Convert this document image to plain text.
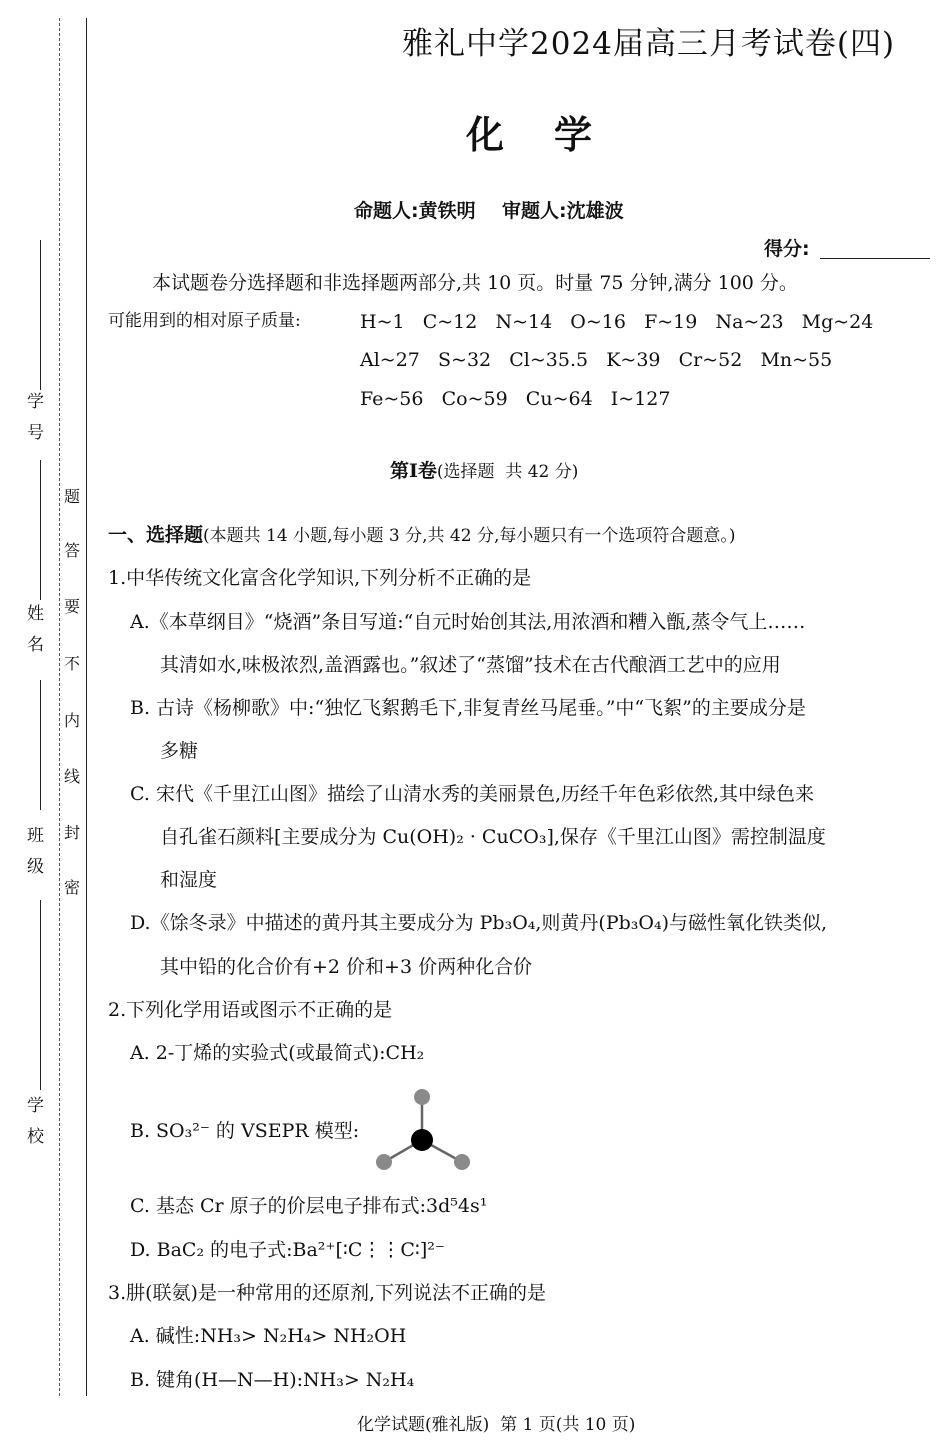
学号
姓名
班级
学校
题
答
要
不
内
线
封
密
雅礼中学2024届高三月考试卷(四)
化学
命题人:黄铁明    审题人:沈雄波
得分:
本试题卷分选择题和非选择题两部分,共 10 页。时量 75 分钟,满分 100 分。
可能用到的相对原子质量:	H~1   C~12   N~14   O~16   F~19   Na~23   Mg~24
Al~27   S~32   Cl~35.5   K~39   Cr~52   Mn~55
Fe~56   Co~59   Cu~64   I~127
第Ⅰ卷(选择题  共 42 分)
一、选择题(本题共 14 小题,每小题 3 分,共 42 分,每小题只有一个选项符合题意。)
1.中华传统文化富含化学知识,下列分析不正确的是
A.《本草纲目》“烧酒”条目写道:“自元时始创其法,用浓酒和糟入甑,蒸令气上……
其清如水,味极浓烈,盖酒露也。”叙述了“蒸馏”技术在古代酿酒工艺中的应用
B. 古诗《杨柳歌》中:“独忆飞絮鹅毛下,非复青丝马尾垂。”中“飞絮”的主要成分是
多糖
C. 宋代《千里江山图》描绘了山清水秀的美丽景色,历经千年色彩依然,其中绿色来
自孔雀石颜料[主要成分为 Cu(OH)₂ · CuCO₃],保存《千里江山图》需控制温度
和湿度
D.《馀冬录》中描述的黄丹其主要成分为 Pb₃O₄,则黄丹(Pb₃O₄)与磁性氧化铁类似,
其中铅的化合价有+2 价和+3 价两种化合价
2.下列化学用语或图示不正确的是
A. 2-丁烯的实验式(或最简式):CH₂
B. SO₃²⁻ 的 VSEPR 模型:
C. 基态 Cr 原子的价层电子排布式:3d⁵4s¹
D. BaC₂ 的电子式:Ba²⁺[∶C⋮⋮C∶]²⁻
3.肼(联氨)是一种常用的还原剂,下列说法不正确的是
A. 碱性:NH₃> N₂H₄> NH₂OH
B. 键角(H—N—H):NH₃> N₂H₄
化学试题(雅礼版)  第 1 页(共 10 页)
